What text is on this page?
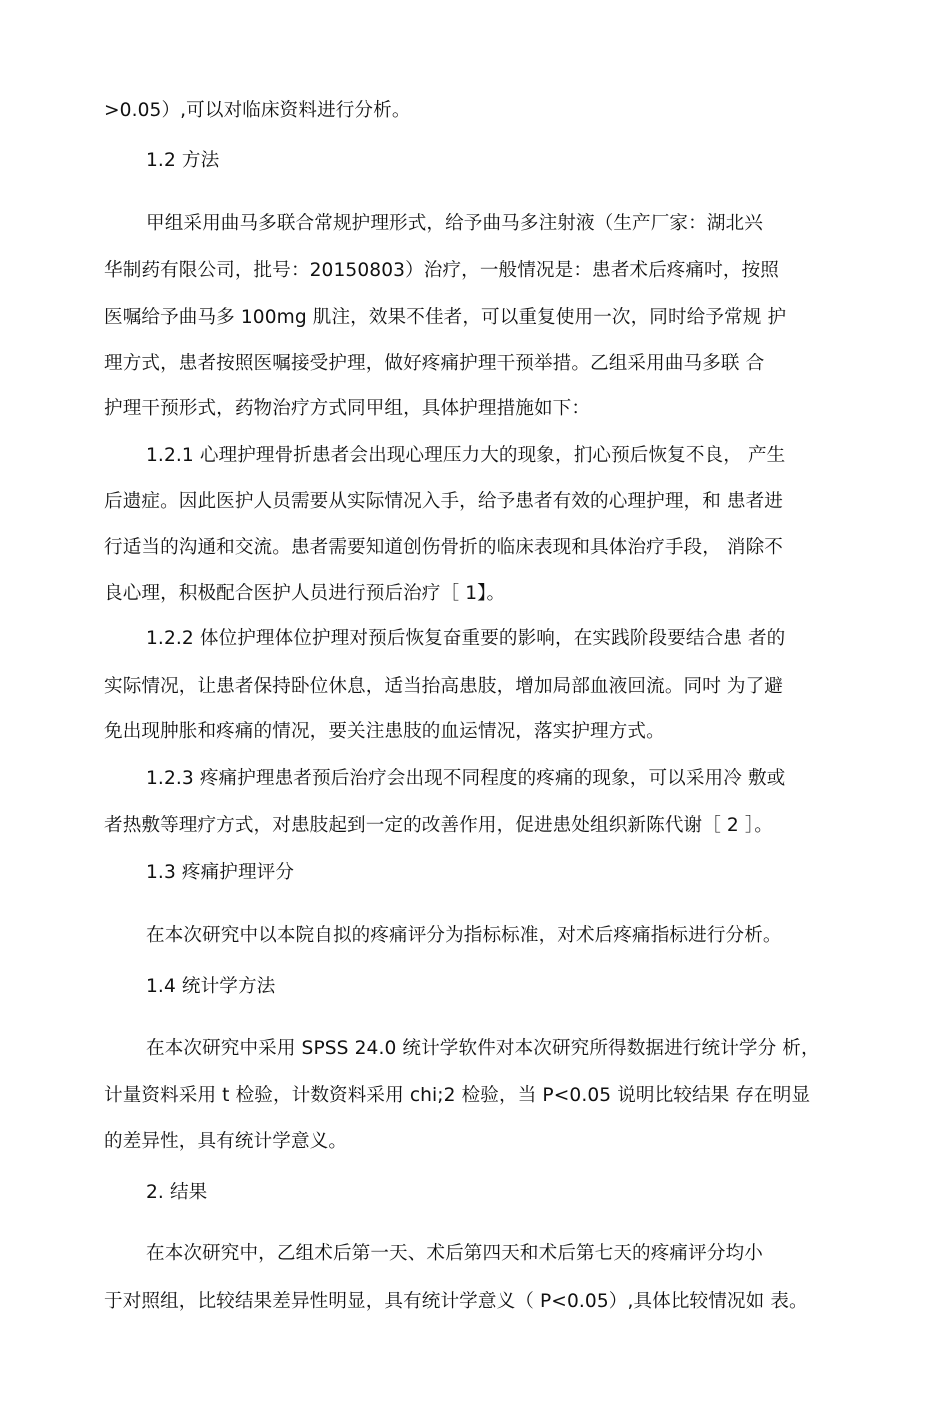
>0.05）,可以对临床资料进行分析。
1.2 方法
甲组采用曲马多联合常规护理形式，给予曲马多注射液（生产厂家：湖北兴
华制药有限公司，批号：20150803）治疗，一般情况是：患者术后疼痛吋，按照
医嘱给予曲马多 100mg 肌注，效果不佳者，可以重复使用一次，同时给予常规 护
理方式，患者按照医嘱接受护理，做好疼痛护理干预举措。乙组采用曲马多联 合
护理干预形式，药物治疗方式同甲组，具体护理措施如下：
1.2.1 心理护理骨折患者会出现心理压力大的现象，扪心预后恢复不良， 产生
后遗症。因此医护人员需要从实际情况入手，给予患者有效的心理护理，和 患者进
行适当的沟通和交流。患者需要知道创伤骨折的临床表现和具体治疗手段， 消除不
良心理，积极配合医护人员进行预后治疗［ 1】。
1.2.2 体位护理体位护理对预后恢复奋重要的影响，在实践阶段要结合患 者的
实际情况，让患者保持卧位休息，适当抬高患肢，增加局部血液回流。同吋 为了避
免出现肿胀和疼痛的情况，要关注患肢的血运情况，落实护理方式。
1.2.3 疼痛护理患者预后治疗会出现不同程度的疼痛的现象，可以采用冷 敷或
者热敷等理疗方式，对患肢起到一定的改善作用，促进患处组织新陈代谢［ 2 ］。
1.3 疼痛护理评分
在本次研究中以本院自拟的疼痛评分为指标标准，对术后疼痛指标进行分析。
1.4 统计学方法
在本次研究中采用 SPSS 24.0 统计学软件对本次研究所得数据进行统计学分 析，
计量资料采用 t 检验，计数资料采用 chi;2 检验，当 P<0.05 说明比较结果 存在明显
的差异性，具有统计学意义。
2. 结果
在本次研究中，乙组术后第一天、术后第四天和术后第七天的疼痛评分均小
于对照组，比较结果差异性明显，具有统计学意义（ P<0.05）,具体比较情况如 表。
